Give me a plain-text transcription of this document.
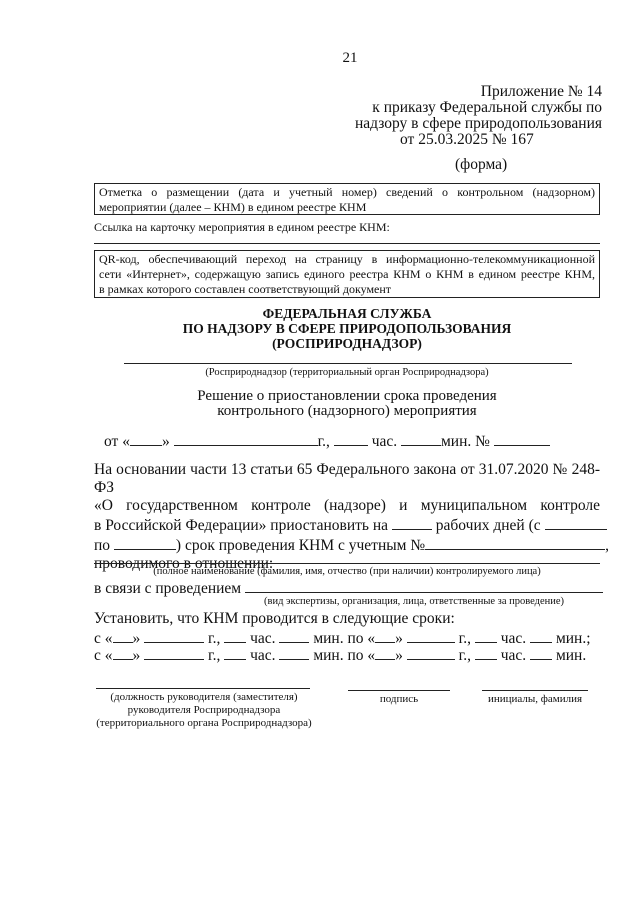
21
Приложение № 14
к приказу Федеральной службы по
надзору в сфере природопользования
от 25.03.2025 № 167
(форма)
Отметка о размещении (дата и учетный номер) сведений о контрольном (надзорном)
мероприятии (далее – КНМ) в едином реестре КНМ
Ссылка на карточку мероприятия в едином реестре КНМ:
QR-код, обеспечивающий переход на страницу в информационно-телекоммуникационной
сети «Интернет», содержащую запись единого реестра КНМ о КНМ в едином реестре КНМ,
в рамках которого составлен соответствующий документ
ФЕДЕРАЛЬНАЯ СЛУЖБА
ПО НАДЗОРУ В СФЕРЕ ПРИРОДОПОЛЬЗОВАНИЯ
(РОСПРИРОДНАДЗОР)
(Росприроднадзор (территориальный орган Росприроднадзора)
Решение о приостановлении срока проведения
контрольного (надзорного) мероприятия
от « »	г.,	час.	мин. №
На основании части 13 статьи 65 Федерального закона от 31.07.2020 № 248-ФЗ
«О государственном контроле (надзоре) и муниципальном контроле
в Российской Федерации» приостановить на	рабочих дней (с
по	) срок проведения КНМ с учетным №	,
проводимого в отношении:
(полное наименование (фамилия, имя, отчество (при наличии) контролируемого лица)
в связи с проведением
(вид экспертизы, организация, лица, ответственные за проведение)
Установить, что КНМ проводится в следующие сроки:
с « »	г., час. мин. по « »	г., час. мин.;
с « »	г., час. мин. по « »	г., час. мин.
(должность руководителя (заместителя)
руководителя Росприроднадзора
(территориального органа Росприроднадзора)
подпись	инициалы, фамилия
